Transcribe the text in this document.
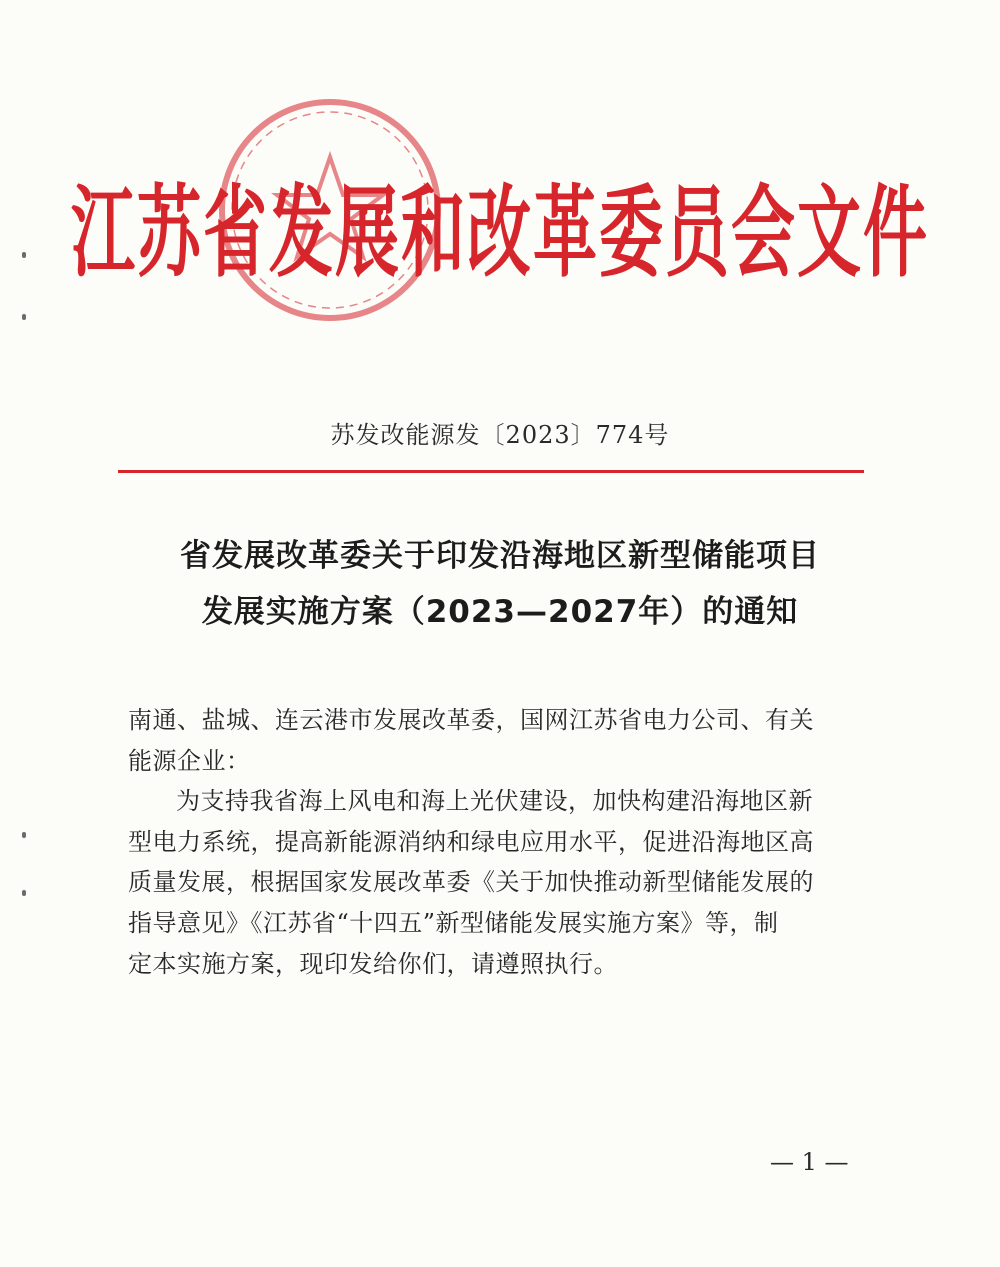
江苏省发展和改革委员会文件
苏发改能源发〔2023〕774号
省发展改革委关于印发沿海地区新型储能项目
发展实施方案（2023—2027年）的通知
南通、盐城、连云港市发展改革委，国网江苏省电力公司、有关
能源企业：
为支持我省海上风电和海上光伏建设，加快构建沿海地区新
型电力系统，提高新能源消纳和绿电应用水平，促进沿海地区高
质量发展，根据国家发展改革委《关于加快推动新型储能发展的
指导意见》《江苏省“十四五”新型储能发展实施方案》等，制
定本实施方案，现印发给你们，请遵照执行。
— 1 —
